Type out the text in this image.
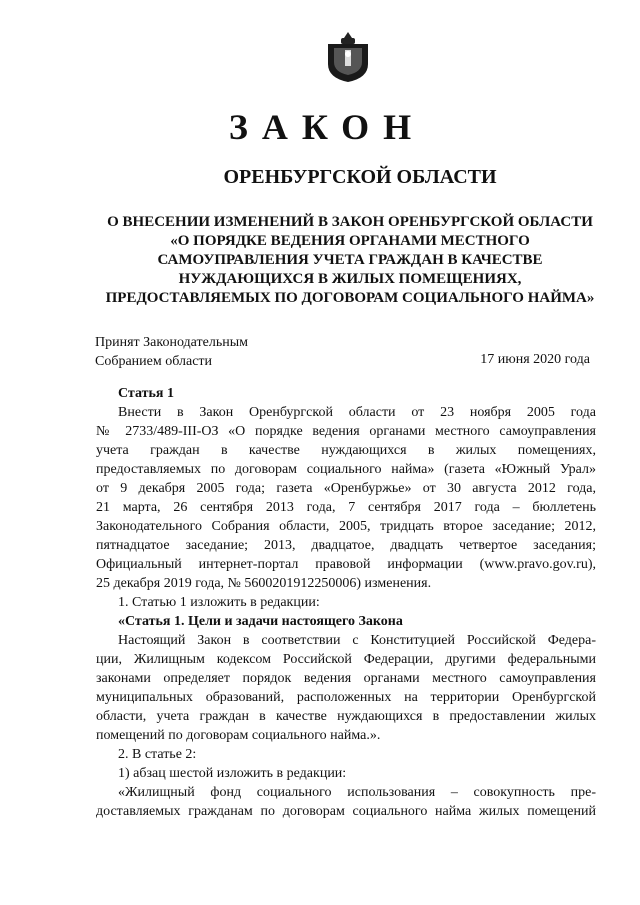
ЗАКОН
ОРЕНБУРГСКОЙ ОБЛАСТИ
О ВНЕСЕНИИ ИЗМЕНЕНИЙ В ЗАКОН ОРЕНБУРГСКОЙ ОБЛАСТИ
«О ПОРЯДКЕ ВЕДЕНИЯ ОРГАНАМИ МЕСТНОГО
САМОУПРАВЛЕНИЯ УЧЕТА ГРАЖДАН В КАЧЕСТВЕ
НУЖДАЮЩИХСЯ В ЖИЛЫХ ПОМЕЩЕНИЯХ,
ПРЕДОСТАВЛЯЕМЫХ ПО ДОГОВОРАМ СОЦИАЛЬНОГО НАЙМА»
Принят Законодательным
Собранием области	17 июня 2020 года
Статья 1
Внести в Закон Оренбургской области от 23 ноября 2005 года
№ 2733/489-III-ОЗ «О порядке ведения органами местного самоуправления
учета граждан в качестве нуждающихся в жилых помещениях,
предоставляемых по договорам социального найма» (газета «Южный Урал»
от 9 декабря 2005 года; газета «Оренбуржье» от 30 августа 2012 года,
21 марта, 26 сентября 2013 года, 7 сентября 2017 года – бюллетень
Законодательного Собрания области, 2005, тридцать второе заседание; 2012,
пятнадцатое заседание; 2013, двадцатое, двадцать четвертое заседания;
Официальный интернет-портал правовой информации (www.pravo.gov.ru),
25 декабря 2019 года, № 5600201912250006) изменения.
1. Статью 1 изложить в редакции:
«Статья 1. Цели и задачи настоящего Закона
Настоящий Закон в соответствии с Конституцией Российской Федера-
ции, Жилищным кодексом Российской Федерации, другими федеральными
законами определяет порядок ведения органами местного самоуправления
муниципальных образований, расположенных на территории Оренбургской
области, учета граждан в качестве нуждающихся в предоставлении жилых
помещений по договорам социального найма.».
2. В статье 2:
1) абзац шестой изложить в редакции:
«Жилищный фонд социального использования – совокупность пре-
доставляемых гражданам по договорам социального найма жилых помещений
